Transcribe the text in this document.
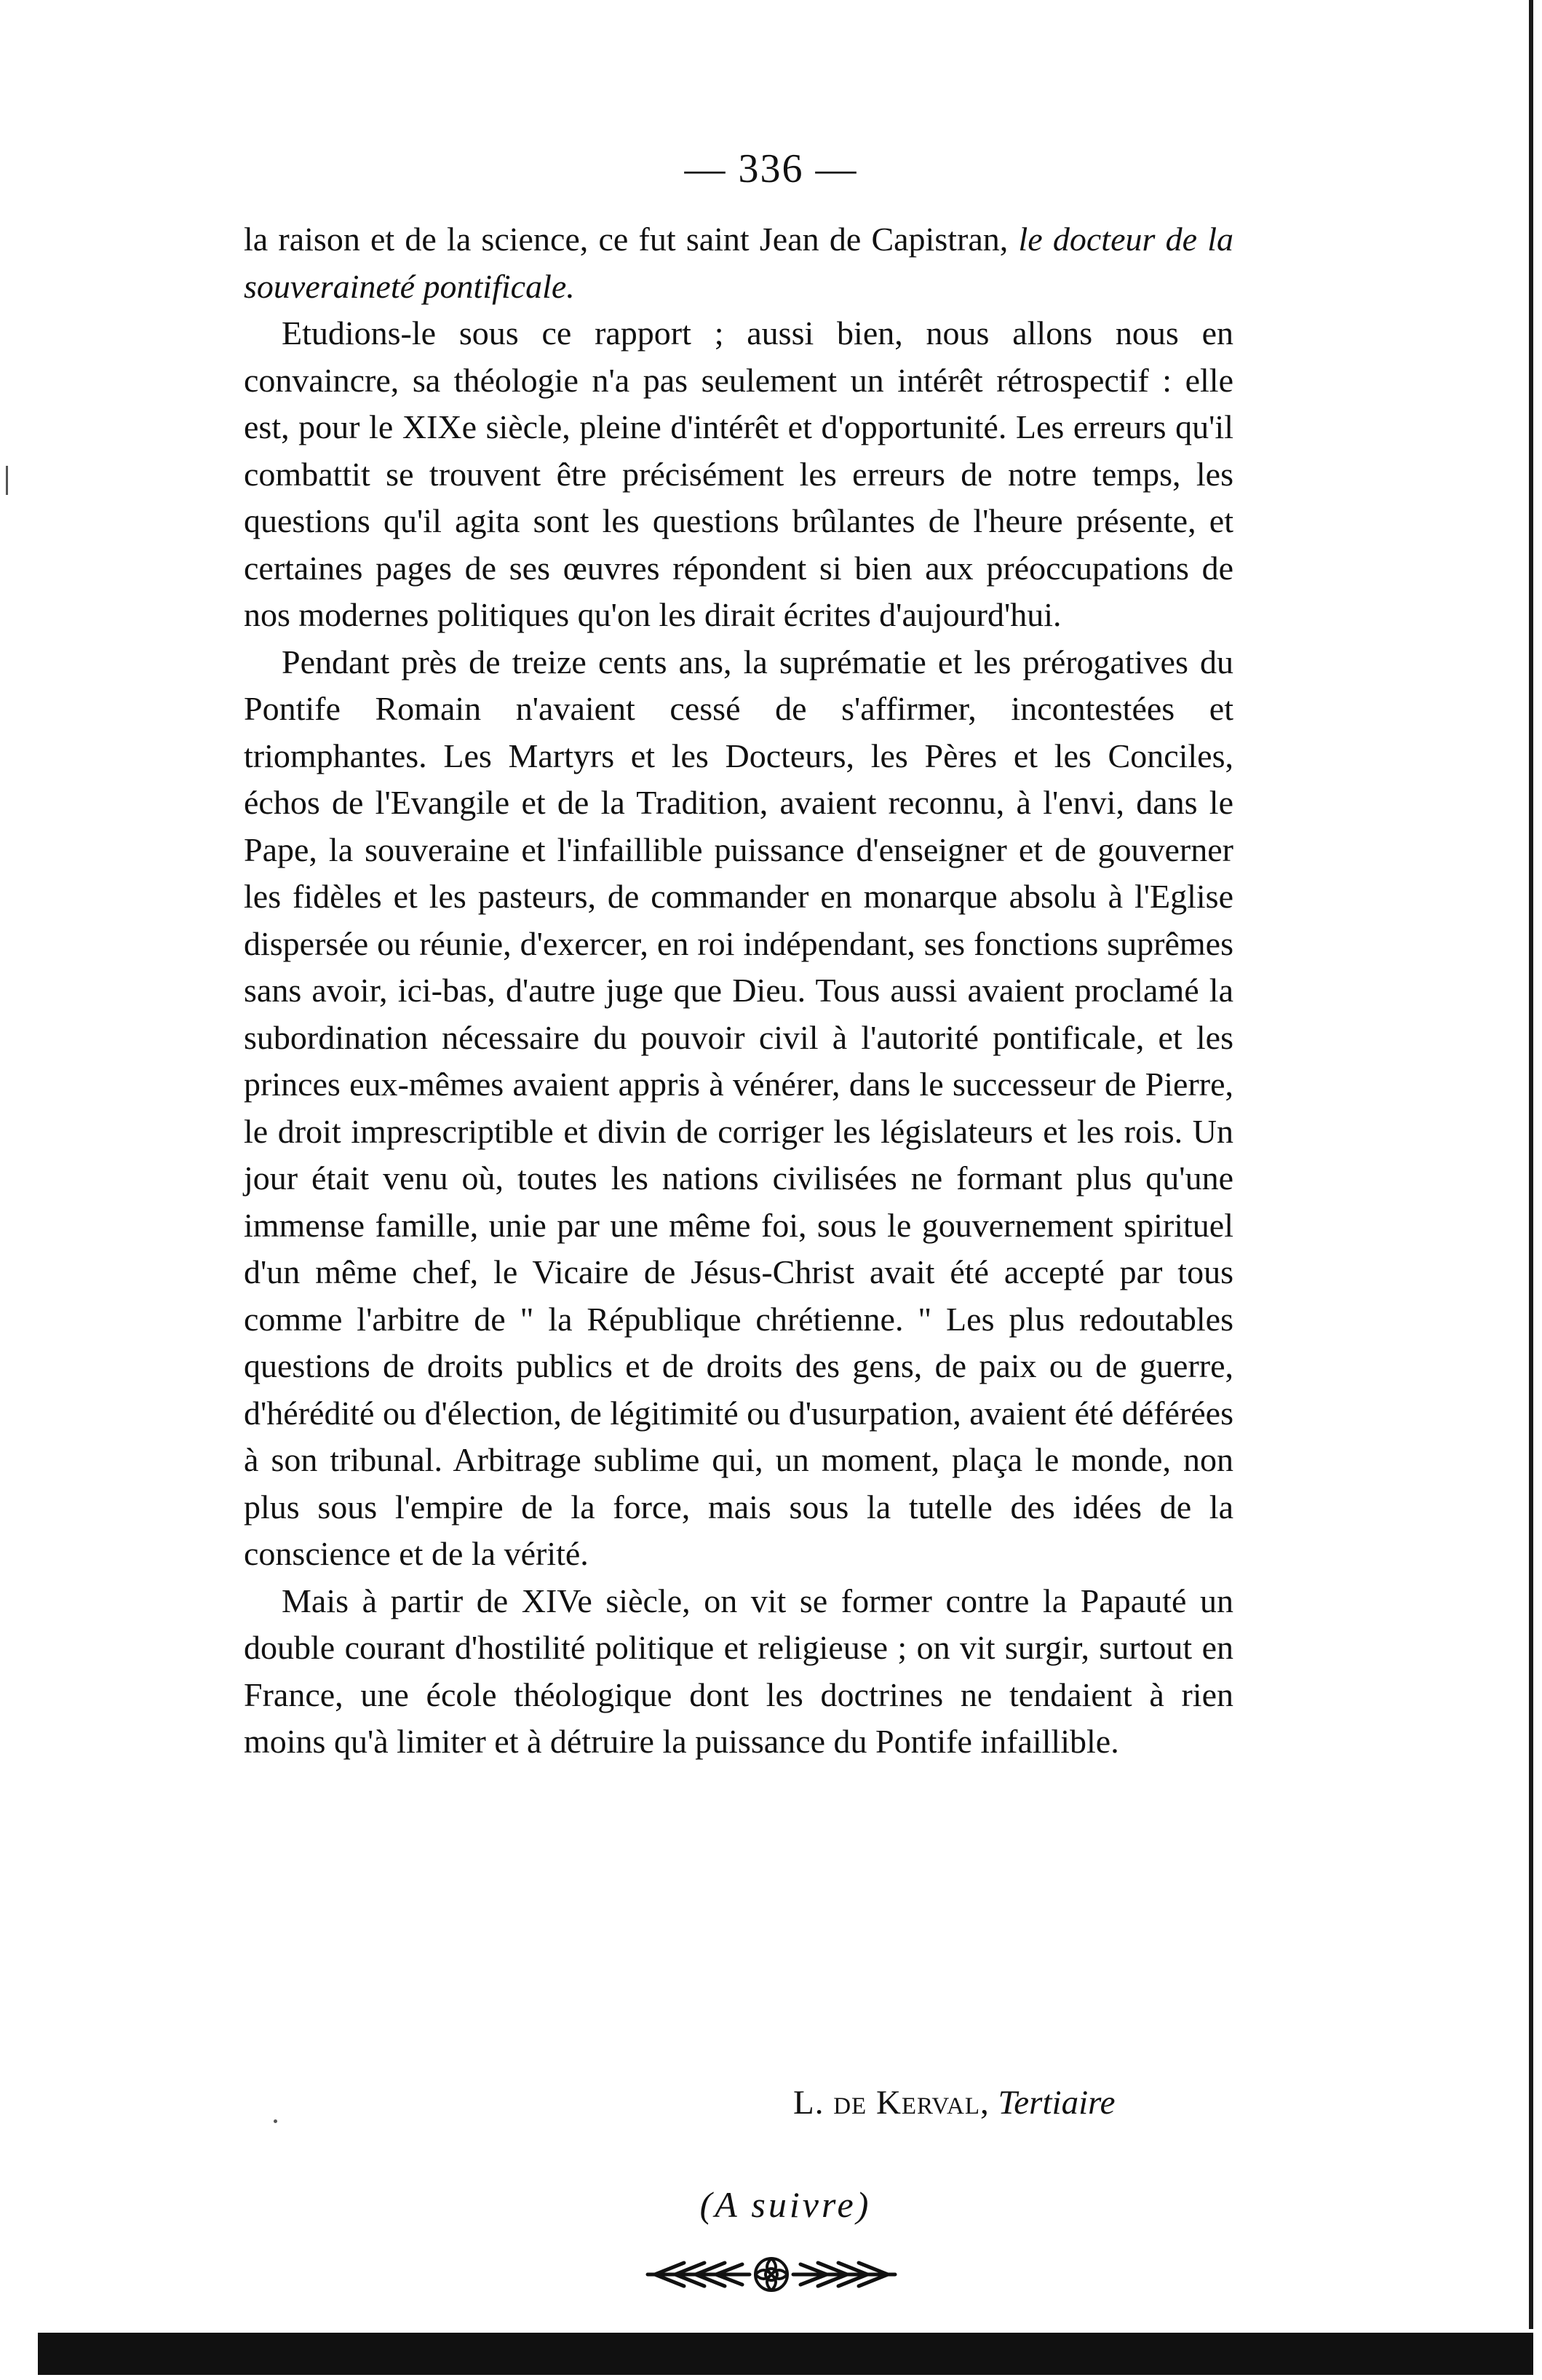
— 336 —

la raison et de la science, ce fut saint Jean de Capistran, le docteur de la souveraineté pontificale.

Etudions-le sous ce rapport ; aussi bien, nous allons nous en convaincre, sa théologie n'a pas seulement un intérêt rétrospectif : elle est, pour le XIXe siècle, pleine d'intérêt et d'opportunité. Les erreurs qu'il combattit se trouvent être précisément les erreurs de notre temps, les questions qu'il agita sont les questions brûlantes de l'heure présente, et certaines pages de ses œuvres répondent si bien aux préoccupations de nos modernes politiques qu'on les dirait écrites d'aujourd'hui.

Pendant près de treize cents ans, la suprématie et les prérogatives du Pontife Romain n'avaient cessé de s'affirmer, incontestées et triomphantes. Les Martyrs et les Docteurs, les Pères et les Conciles, échos de l'Evangile et de la Tradition, avaient reconnu, à l'envi, dans le Pape, la souveraine et l'infaillible puissance d'enseigner et de gouverner les fidèles et les pasteurs, de commander en monarque absolu à l'Eglise dispersée ou réunie, d'exercer, en roi indépendant, ses fonctions suprêmes sans avoir, ici-bas, d'autre juge que Dieu. Tous aussi avaient proclamé la subordination nécessaire du pouvoir civil à l'autorité pontificale, et les princes eux-mêmes avaient appris à vénérer, dans le successeur de Pierre, le droit imprescriptible et divin de corriger les législateurs et les rois. Un jour était venu où, toutes les nations civilisées ne formant plus qu'une immense famille, unie par une même foi, sous le gouvernement spirituel d'un même chef, le Vicaire de Jésus-Christ avait été accepté par tous comme l'arbitre de " la République chrétienne. " Les plus redoutables questions de droits publics et de droits des gens, de paix ou de guerre, d'hérédité ou d'élection, de légitimité ou d'usurpation, avaient été déférées à son tribunal. Arbitrage sublime qui, un moment, plaça le monde, non plus sous l'empire de la force, mais sous la tutelle des idées de la conscience et de la vérité.

Mais à partir de XIVe siècle, on vit se former contre la Papauté un double courant d'hostilité politique et religieuse ; on vit surgir, surtout en France, une école théologique dont les doctrines ne tendaient à rien moins qu'à limiter et à détruire la puissance du Pontife infaillible.

L. de Kerval, Tertiaire
(A suivre)
